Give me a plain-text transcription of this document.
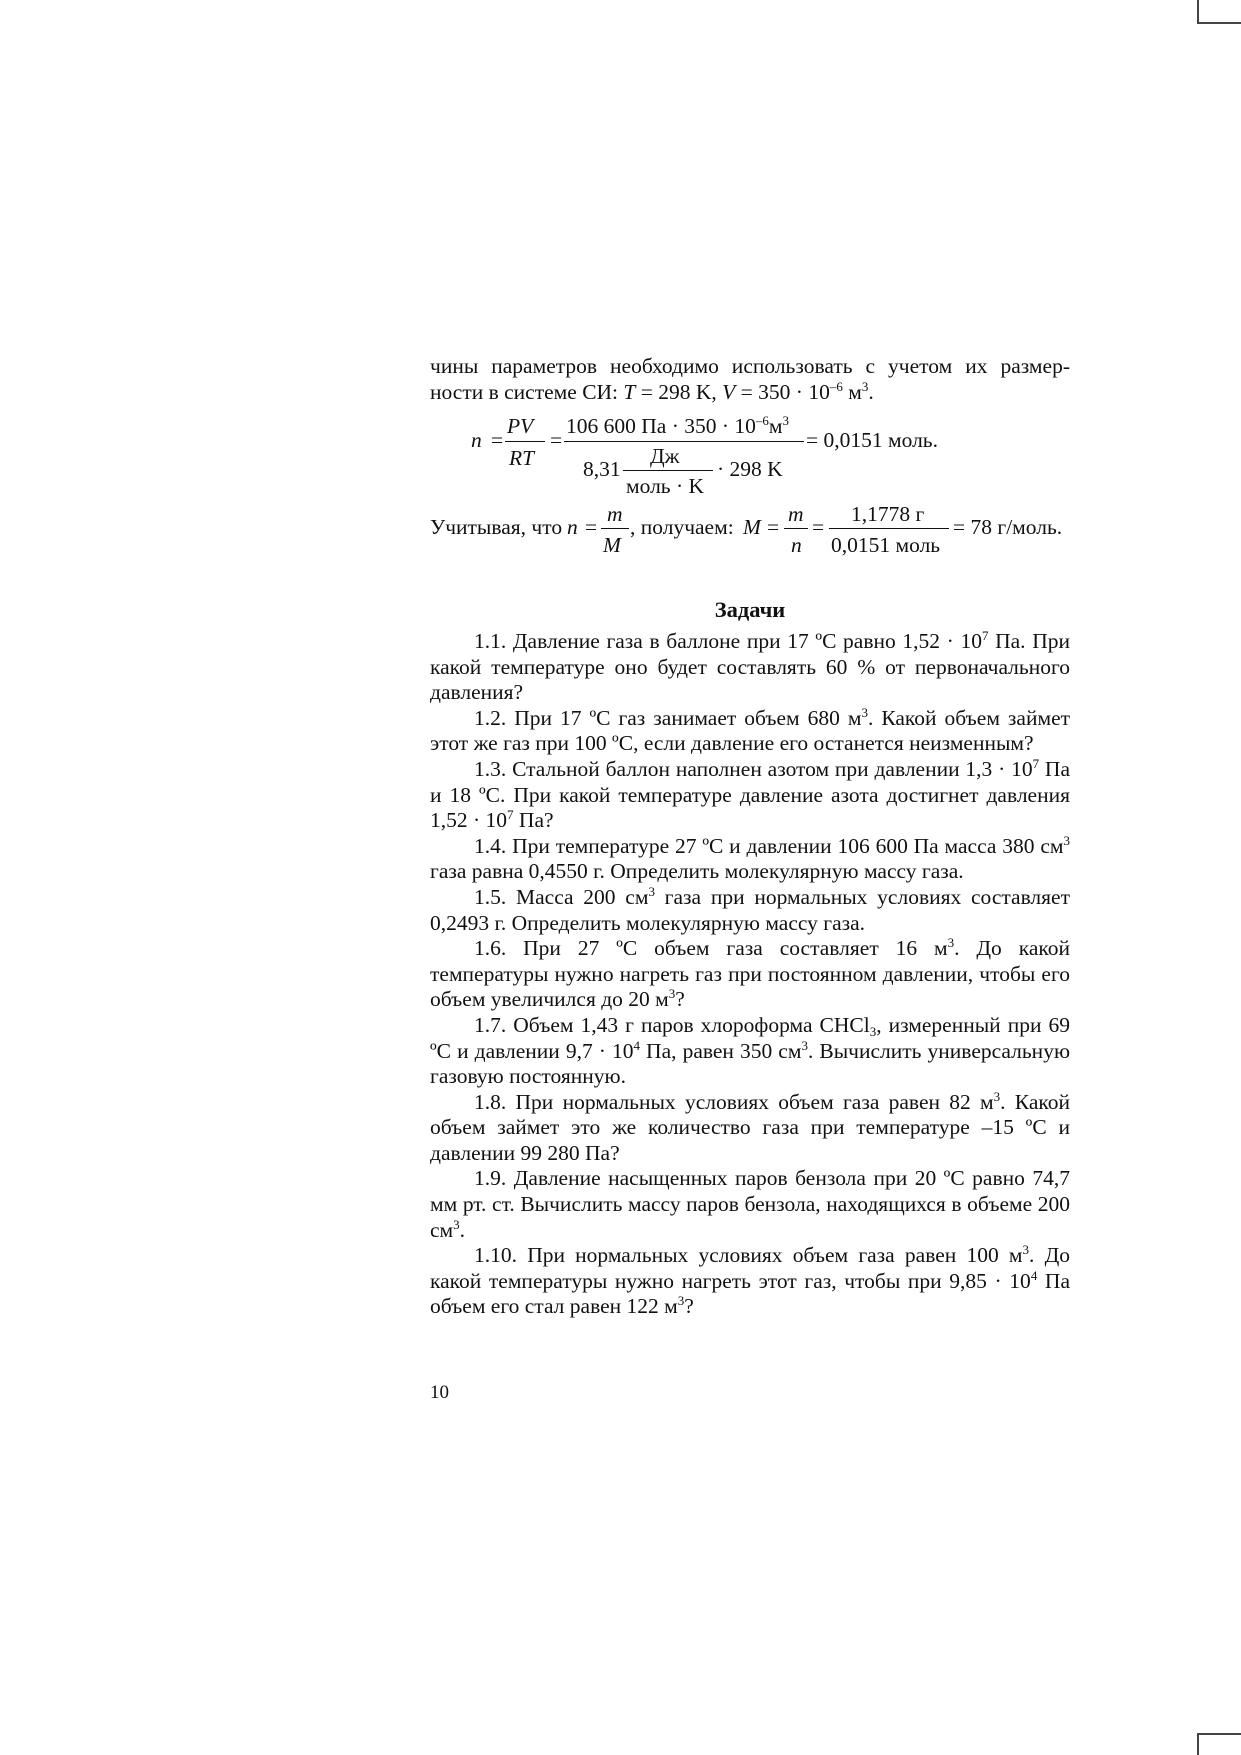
чины параметров необходимо использовать с учетом их размер-

ности в системе СИ: T = 298 K, $V = 350 \cdot 10^{-6}$ $м^3$.

n =
PV
RT
=
106 600 Па · $350 \cdot 10^{-6}м^3$
8,31
Дж
моль · K
· 298 K
= 0,0151 моль.
Учитывая, что n =
m
M
, получаем: M =
m
n
=
1,1778 г
0,0151 моль
= 78 г/моль.
Задачи

1.1. Давление газа в баллоне при 17 ºС равно $1,52 \cdot 10^7$ Па. При какой температуре оно будет составлять 60 % от первоначального давления?

1.2. При 17 ºС газ занимает объем 680 $м^3$. Какой объем займет этот же газ при 100 ºС, если давление его останется неизменным?

1.3. Стальной баллон наполнен азотом при давлении $1,3 \cdot 10^7$ Па и 18 ºС. При какой температуре давление азота достигнет давления $1,52 \cdot 10^7$ Па?

1.4. При температуре 27 ºС и давлении 106 600 Па масса 380 $см^3$ газа равна 0,4550 г. Определить молекулярную массу газа.

1.5. Масса 200 $см^3$ газа при нормальных условиях составляет 0,2493 г. Определить молекулярную массу газа.

1.6. При 27 ºС объем газа составляет 16 $м^3$. До какой температуры нужно нагреть газ при постоянном давлении, чтобы его объем увеличился до 20 $м^3$?

1.7. Объем 1,43 г паров хлороформа CHCl$_3$, измеренный при 69 ºС и давлении $9,7 \cdot 10^4$ Па, равен 350 $см^3$. Вычислить универсальную газовую постоянную.

1.8. При нормальных условиях объем газа равен 82 $м^3$. Какой объем займет это же количество газа при температуре –15 ºС и давлении 99 280 Па?

1.9. Давление насыщенных паров бензола при 20 ºС равно 74,7 мм рт. ст. Вычислить массу паров бензола, находящихся в объеме 200 $см^3$.

1.10. При нормальных условиях объем газа равен 100 $м^3$. До какой температуры нужно нагреть этот газ, чтобы при $9,85 \cdot 10^4$ Па объем его стал равен 122 $м^3$?

10
